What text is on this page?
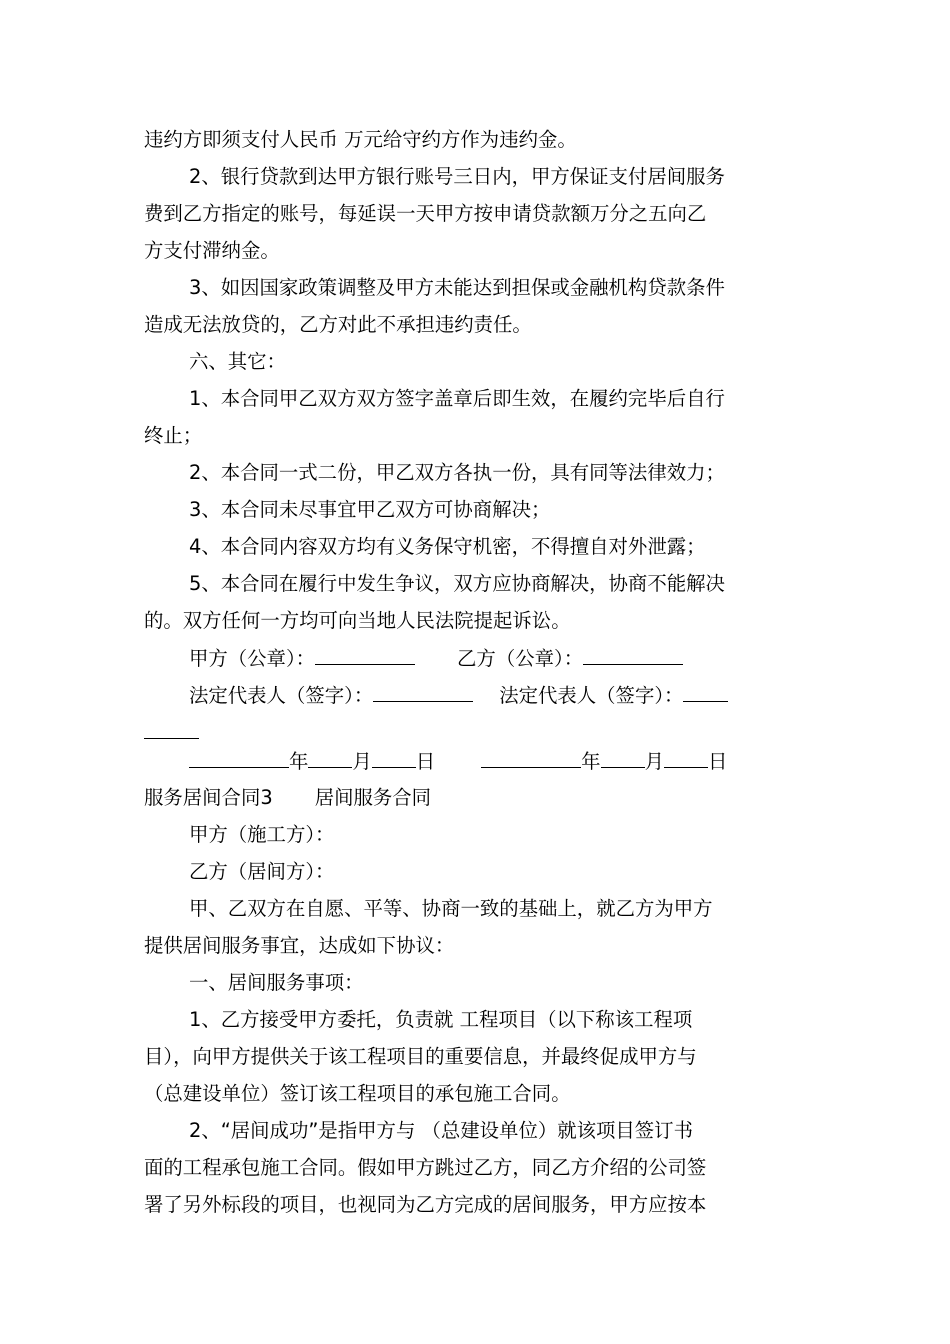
违约方即须支付人民币 万元给守约方作为违约金。
2、银行贷款到达甲方银行账号三日内，甲方保证支付居间服务
费到乙方指定的账号，每延误一天甲方按申请贷款额万分之五向乙
方支付滞纳金。
3、如因国家政策调整及甲方未能达到担保或金融机构贷款条件
造成无法放贷的，乙方对此不承担违约责任。
六、其它：
1、本合同甲乙双方双方签字盖章后即生效，在履约完毕后自行
终止；
2、本合同一式二份，甲乙双方各执一份，具有同等法律效力；
3、本合同未尽事宜甲乙双方可协商解决；
4、本合同内容双方均有义务保守机密，不得擅自对外泄露；
5、本合同在履行中发生争议，双方应协商解决，协商不能解决
的。双方任何一方均可向当地人民法院提起诉讼。
甲方（公章）：	乙方（公章）：
法定代表人（签字）：	法定代表人（签字）：
年 月 日	年 月 日
服务居间合同3 居间服务合同
甲方（施工方）：
乙方（居间方）：
甲、乙双方在自愿、平等、协商一致的基础上，就乙方为甲方
提供居间服务事宜，达成如下协议：
一、居间服务事项：
1、乙方接受甲方委托，负责就 工程项目（以下称该工程项
目），向甲方提供关于该工程项目的重要信息，并最终促成甲方与
（总建设单位）签订该工程项目的承包施工合同。
2、“居间成功”是指甲方与 （总建设单位）就该项目签订书
面的工程承包施工合同。假如甲方跳过乙方，同乙方介绍的公司签
署了另外标段的项目，也视同为乙方完成的居间服务，甲方应按本
